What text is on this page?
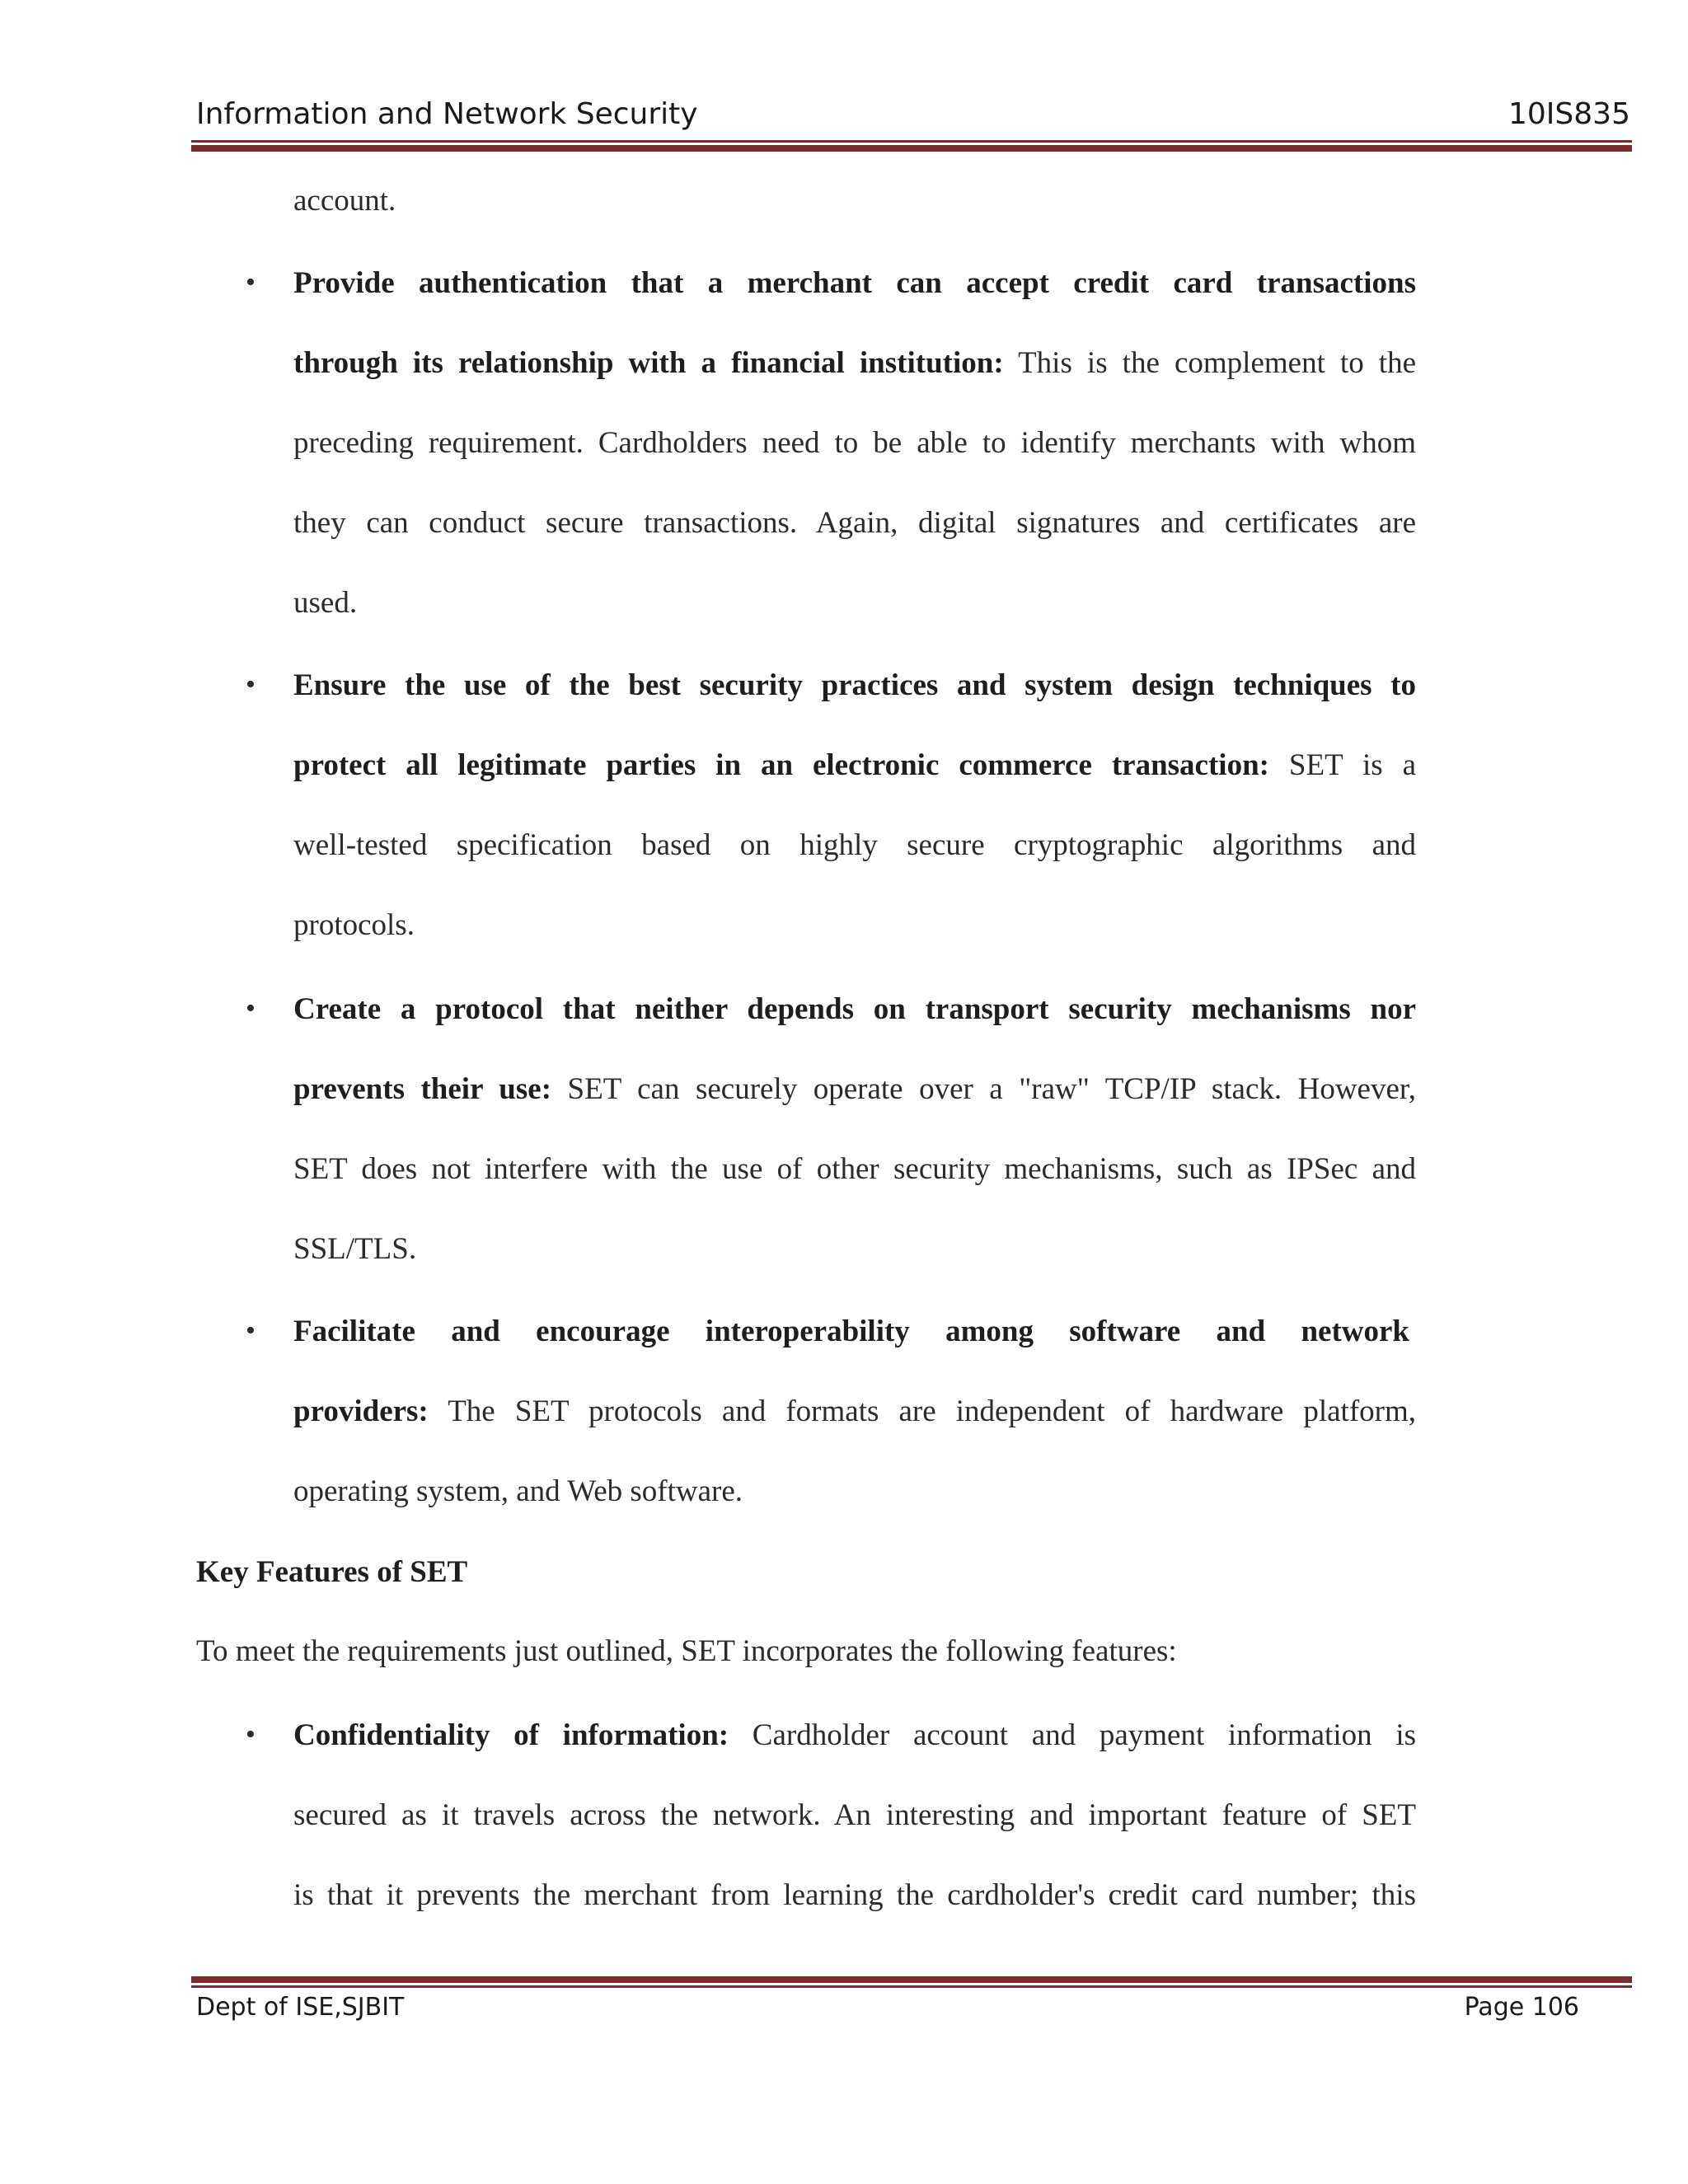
Information and Network Security	10IS835
account.
• Provide authentication that a merchant can accept credit card transactions
through its relationship with a financial institution: This is the complement to the
preceding requirement. Cardholders need to be able to identify merchants with whom
they can conduct secure transactions. Again, digital signatures and certificates are
used.
• Ensure the use of the best security practices and system design techniques to
protect all legitimate parties in an electronic commerce transaction: SET is a
well-tested specification based on highly secure cryptographic algorithms and
protocols.
• Create a protocol that neither depends on transport security mechanisms nor
prevents their use: SET can securely operate over a "raw" TCP/IP stack. However,
SET does not interfere with the use of other security mechanisms, such as IPSec and
SSL/TLS.
• Facilitate and encourage interoperability among software and network
providers: The SET protocols and formats are independent of hardware platform,
operating system, and Web software.
Key Features of SET
To meet the requirements just outlined, SET incorporates the following features:
• Confidentiality of information: Cardholder account and payment information is
secured as it travels across the network. An interesting and important feature of SET
is that it prevents the merchant from learning the cardholder's credit card number; this
Dept of ISE,SJBIT	Page 106
